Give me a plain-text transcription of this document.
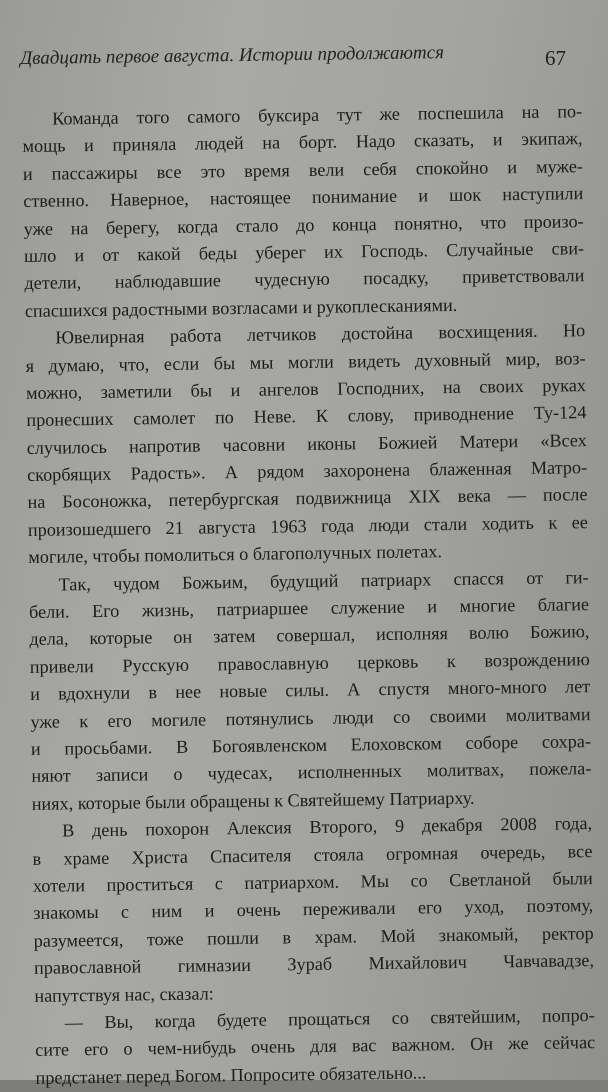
Двадцать первое августа. Истории продолжаются	67
Команда того самого буксира тут же поспешила на по-
мощь и приняла людей на борт. Надо сказать, и экипаж,
и пассажиры все это время вели себя спокойно и муже-
ственно. Наверное, настоящее понимание и шок наступили
уже на берегу, когда стало до конца понятно, что произо-
шло и от какой беды уберег их Господь. Случайные сви-
детели, наблюдавшие чудесную посадку, приветствовали
спасшихся радостными возгласами и рукоплесканиями.
Ювелирная работа летчиков достойна восхищения. Но
я думаю, что, если бы мы могли видеть духовный мир, воз-
можно, заметили бы и ангелов Господних, на своих руках
пронесших самолет по Неве. К слову, приводнение Ту-124
случилось напротив часовни иконы Божией Матери «Всех
скорбящих Радость». А рядом захоронена блаженная Матро-
на Босоножка, петербургская подвижница XIX века — после
произошедшего 21 августа 1963 года люди стали ходить к ее
могиле, чтобы помолиться о благополучных полетах.
Так, чудом Божьим, будущий патриарх спасся от ги-
бели. Его жизнь, патриаршее служение и многие благие
дела, которые он затем совершал, исполняя волю Божию,
привели Русскую православную церковь к возрождению
и вдохнули в нее новые силы. А спустя много-много лет
уже к его могиле потянулись люди со своими молитвами
и просьбами. В Богоявленском Елоховском соборе сохра-
няют записи о чудесах, исполненных молитвах, пожела-
ниях, которые были обращены к Святейшему Патриарху.
В день похорон Алексия Второго, 9 декабря 2008 года,
в храме Христа Спасителя стояла огромная очередь, все
хотели проститься с патриархом. Мы со Светланой были
знакомы с ним и очень переживали его уход, поэтому,
разумеется, тоже пошли в храм. Мой знакомый, ректор
православной гимназии Зураб Михайлович Чавчавадзе,
напутствуя нас, сказал:
— Вы, когда будете прощаться со святейшим, попро-
сите его о чем-нибудь очень для вас важном. Он же сейчас
предстанет перед Богом. Попросите обязательно...
